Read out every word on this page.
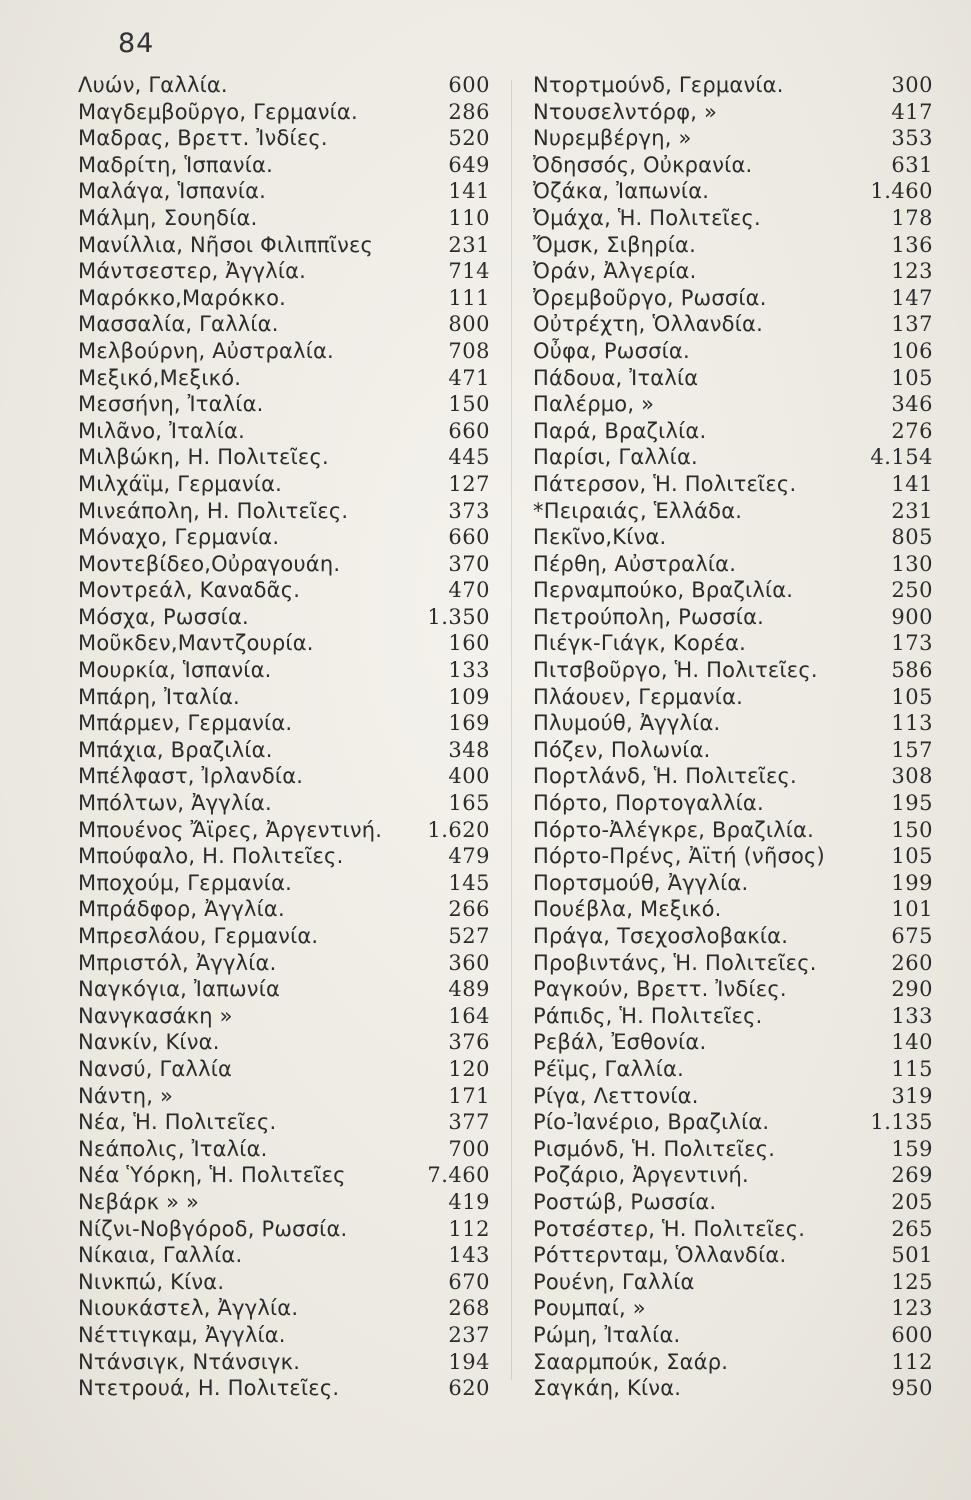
84
Λυών, Γαλλία.	600
Μαγδεμβοῦργο, Γερμανία.	286
Μαδρας, Βρεττ. Ἰνδίες.	520
Μαδρίτη, Ἱσπανία.	649
Μαλάγα, Ἱσπανία.	141
Μάλμη, Σουηδία.	110
Μανίλλια, Νῆσοι Φιλιππῖνες	231
Μάντσεστερ, Ἀγγλία.	714
Μαρόκκο,Μαρόκκο.	111
Μασσαλία, Γαλλία.	800
Μελβούρνη, Αὐστραλία.	708
Μεξικό,Μεξικό.	471
Μεσσήνη, Ἰταλία.	150
Μιλᾶνο, Ἰταλία.	660
Μιλβώκη, Η. Πολιτεῖες.	445
Μιλχάϊμ, Γερμανία.	127
Μινεάπολη, Η. Πολιτεῖες.	373
Μόναχο, Γερμανία.	660
Μοντεβίδεο,Οὐραγουάη.	370
Μοντρεάλ, Καναδᾶς.	470
Μόσχα, Ρωσσία.	1.350
Μοῦκδεν,Μαντζουρία.	160
Μουρκία, Ἱσπανία.	133
Μπάρη, Ἰταλία.	109
Μπάρμεν, Γερμανία.	169
Μπάχια, Βραζιλία.	348
Μπέλφαστ, Ἰρλανδία.	400
Μπόλτων, Ἀγγλία.	165
Μπουένος Ἄϊρες, Ἀργεντινή. 1.620
Μπούφαλο, Η. Πολιτεῖες.	479
Μποχούμ, Γερμανία.	145
Μπράδφορ, Ἀγγλία.	266
Μπρεσλάου, Γερμανία.	527
Μπριστόλ, Ἀγγλία.	360
Ναγκόγια, Ἰαπωνία	489
Νανγκασάκη »	164
Νανκίν, Κίνα.	376
Νανσύ, Γαλλία	120
Νάντη, »	171
Νέα, Ἡ. Πολιτεῖες.	377
Νεάπολις, Ἰταλία.	700
Νέα Ὑόρκη, Ἡ. Πολιτεῖες	7.460
Νεβάρκ » »	419
Νίζνι-Νοβγόροδ, Ρωσσία.	112
Νίκαια, Γαλλία.	143
Νινκπώ, Κίνα.	670
Νιουκάστελ, Ἀγγλία.	268
Νέττιγκαμ, Ἀγγλία.	237
Ντάνσιγκ, Ντάνσιγκ.	194
Ντετρουά, Η. Πολιτεῖες.	620
Ντορτμούνδ, Γερμανία.	300
Ντουσελντόρφ, »	417
Νυρεμβέργη, »	353
Ὀδησσός, Οὐκρανία.	631
Ὀζάκα, Ἰαπωνία.	1.460
Ὀμάχα, Ἡ. Πολιτεῖες.	178
Ὄμσκ, Σιβηρία.	136
Ὀράν, Ἀλγερία.	123
Ὀρεμβοῦργο, Ρωσσία.	147
Οὐτρέχτη, Ὁλλανδία.	137
Οὖφα, Ρωσσία.	106
Πάδουα, Ἰταλία	105
Παλέρμο, »	346
Παρά, Βραζιλία.	276
Παρίσι, Γαλλία.	4.154
Πάτερσον, Ἡ. Πολιτεῖες.	141
*Πειραιάς, Ἑλλάδα.	231
Πεκῖνο,Κίνα.	805
Πέρθη, Αὐστραλία.	130
Περναμπούκο, Βραζιλία.	250
Πετρούπολη, Ρωσσία.	900
Πιέγκ-Γιάγκ, Κορέα.	173
Πιτσβοῦργο, Ἡ. Πολιτεῖες.	586
Πλάουεν, Γερμανία.	105
Πλυμούθ, Ἀγγλία.	113
Πόζεν, Πολωνία.	157
Πορτλάνδ, Ἡ. Πολιτεῖες.	308
Πόρτο, Πορτογαλλία.	195
Πόρτο-Ἀλέγκρε, Βραζιλία.	150
Πόρτο-Πρένς, Ἀϊτή (νῆσος)	105
Πορτσμούθ, Ἀγγλία.	199
Πουέβλα, Μεξικό.	101
Πράγα, Τσεχοσλοβακία.	675
Προβιντάνς, Ἡ. Πολιτεῖες.	260
Ραγκούν, Βρεττ. Ἰνδίες.	290
Ράπιδς, Ἡ. Πολιτεῖες.	133
Ρεβάλ, Ἐσθονία.	140
Ρέϊμς, Γαλλία.	115
Ρίγα, Λεττονία.	319
Ρίο-Ἰανέριο, Βραζιλία.	1.135
Ρισμόνδ, Ἡ. Πολιτεῖες.	159
Ροζάριο, Ἀργεντινή.	269
Ροστώβ, Ρωσσία.	205
Ροτσέστερ, Ἡ. Πολιτεῖες.	265
Ρόττερνταμ, Ὁλλανδία.	501
Ρουένη, Γαλλία	125
Ρουμπαί, »	123
Ρώμη, Ἰταλία.	600
Σααρμπούκ, Σαάρ.	112
Σαγκάη, Κίνα.	950
